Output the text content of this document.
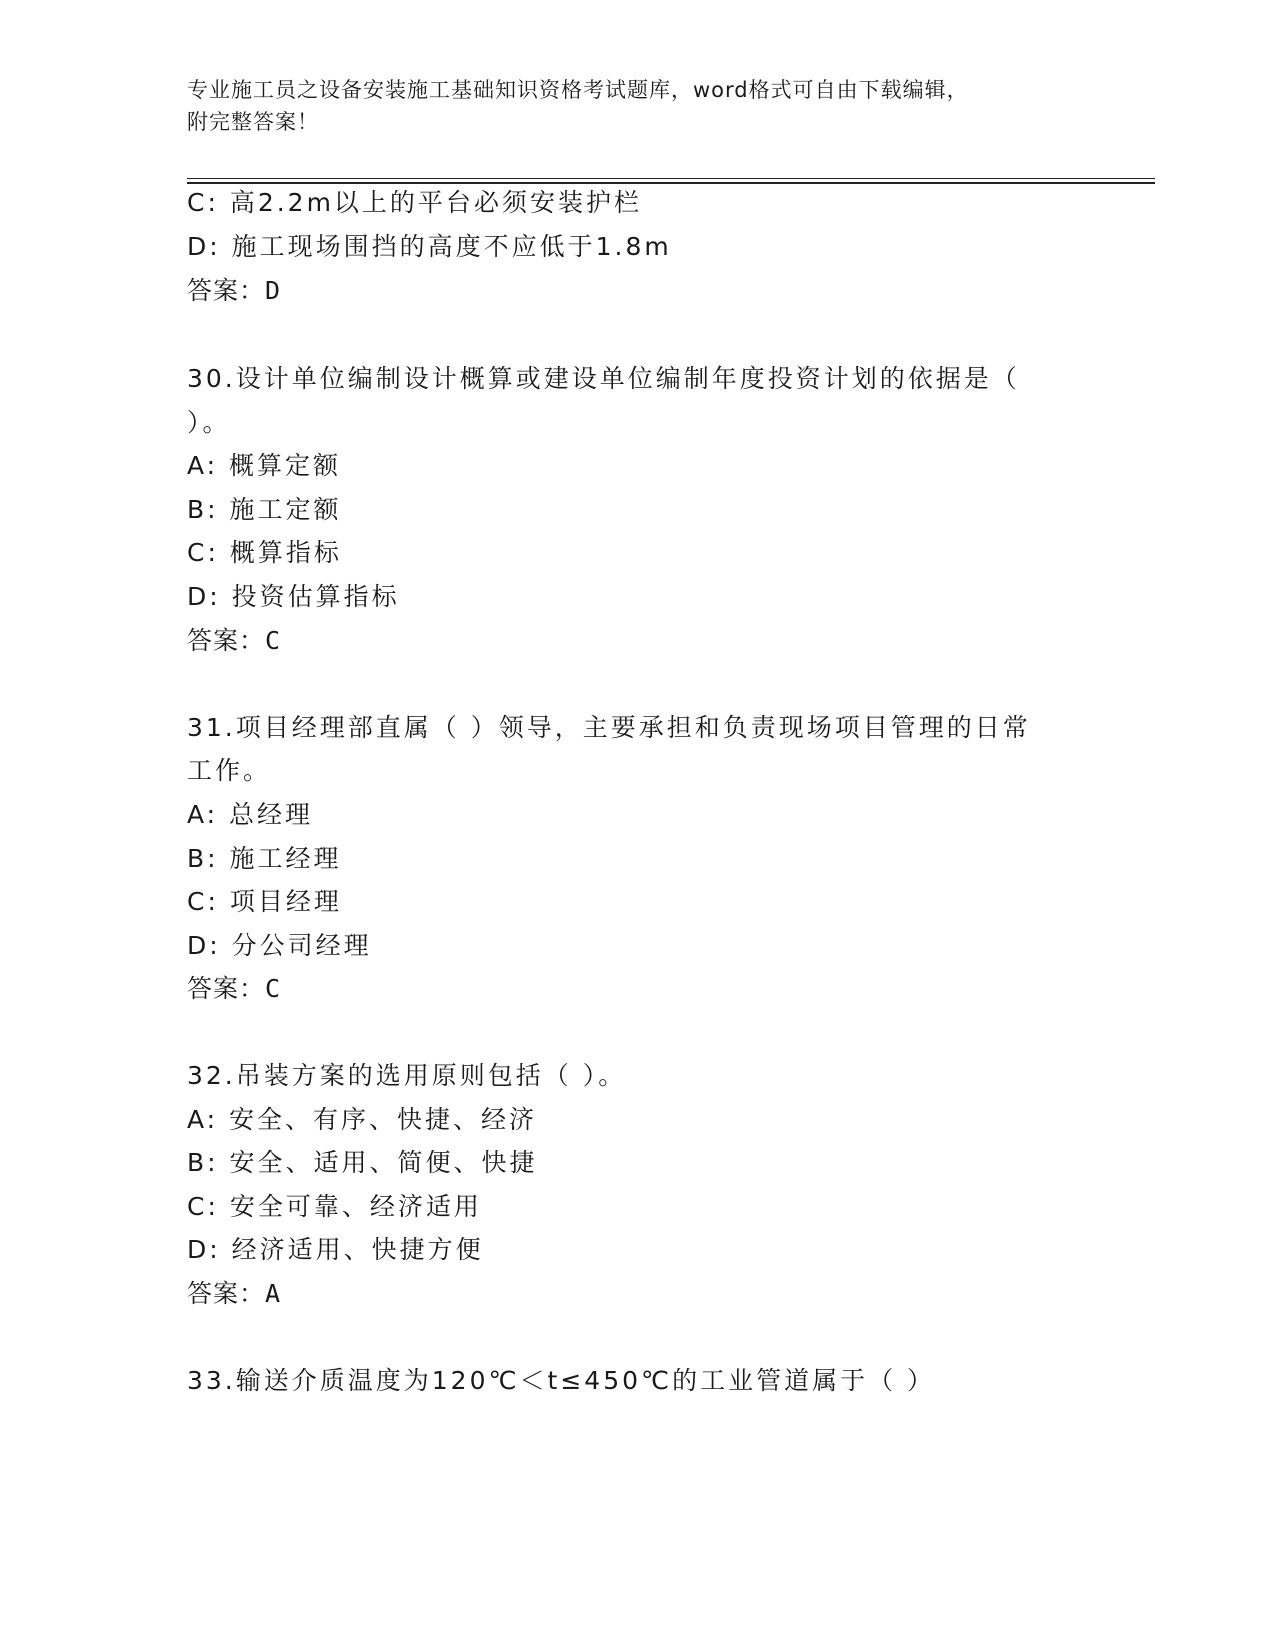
专业施工员之设备安装施工基础知识资格考试题库，word格式可自由下载编辑，
附完整答案！
C: 高2.2m以上的平台必须安装护栏
D: 施工现场围挡的高度不应低于1.8m
答案：D
30.设计单位编制设计概算或建设单位编制年度投资计划的依据是（
）。
A: 概算定额
B: 施工定额
C: 概算指标
D: 投资估算指标
答案：C
31.项目经理部直属（ ）领导，主要承担和负责现场项目管理的日常
工作。
A: 总经理
B: 施工经理
C: 项目经理
D: 分公司经理
答案：C
32.吊装方案的选用原则包括（ ）。
A: 安全、有序、快捷、经济
B: 安全、适用、简便、快捷
C: 安全可靠、经济适用
D: 经济适用、快捷方便
答案：A
33.输送介质温度为120℃＜t≤450℃的工业管道属于（ ）
